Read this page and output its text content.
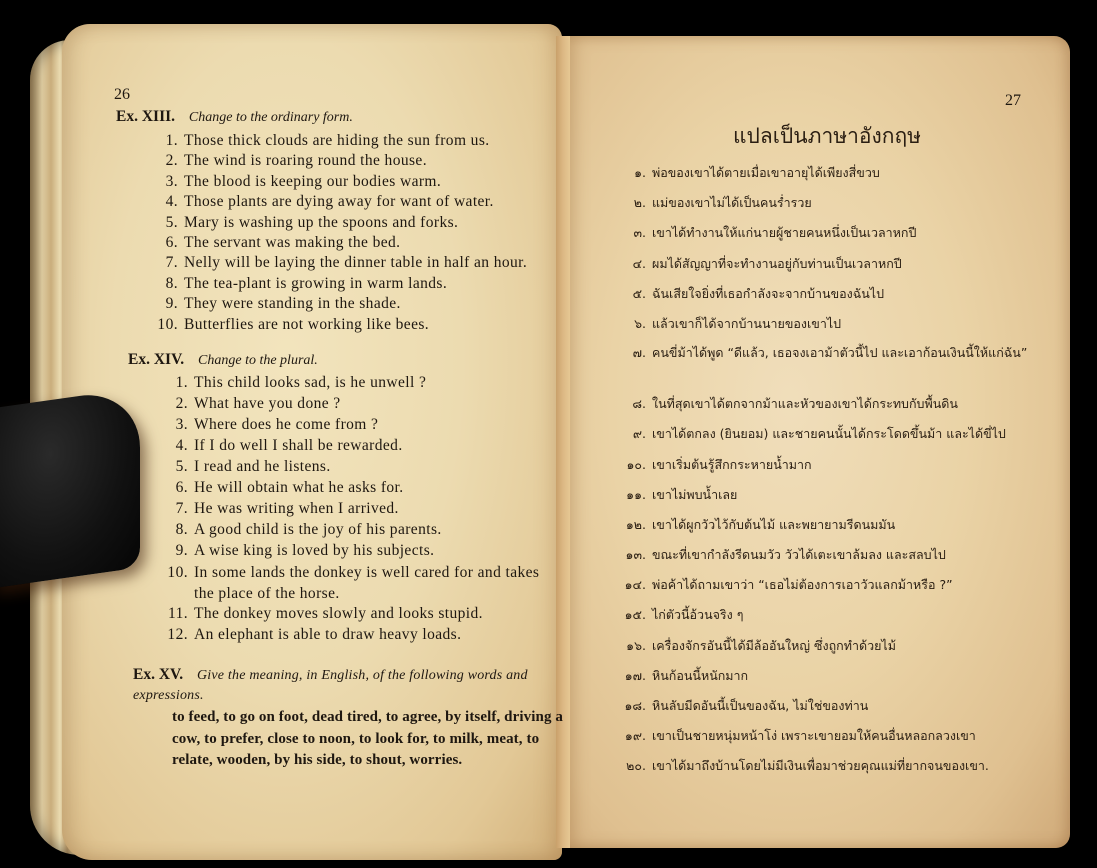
26
Ex. XIII. Change to the ordinary form.
1. Those thick clouds are hiding the sun from us.
2. The wind is roaring round the house.
3. The blood is keeping our bodies warm.
4. Those plants are dying away for want of water.
5. Mary is washing up the spoons and forks.
6. The servant was making the bed.
7. Nelly will be laying the dinner table in half an hour.
8. The tea-plant is growing in warm lands.
9. They were standing in the shade.
10. Butterflies are not working like bees.
Ex. XIV. Change to the plural.
1. This child looks sad, is he unwell ?
2. What have you done ?
3. Where does he come from ?
4. If I do well I shall be rewarded.
5. I read and he listens.
6. He will obtain what he asks for.
7. He was writing when I arrived.
8. A good child is the joy of his parents.
9. A wise king is loved by his subjects.
10. In some lands the donkey is well cared for and takes the place of the horse.
11. The donkey moves slowly and looks stupid.
12. An elephant is able to draw heavy loads.
Ex. XV. Give the meaning, in English, of the following words and expressions.
to feed, to go on foot, dead tired, to agree, by itself, driving a cow, to prefer, close to noon, to look for, to milk, meat, to relate, wooden, by his side, to shout, worries.
27
แปลเป็นภาษาอังกฤษ
๑. พ่อของเขาได้ตายเมื่อเขาอายุได้เพียงสี่ขวบ
๒. แม่ของเขาไม่ได้เป็นคนร่ำรวย
๓. เขาได้ทำงานให้แก่นายผู้ชายคนหนึ่งเป็นเวลาหกปี
๔. ผมได้สัญญาที่จะทำงานอยู่กับท่านเป็นเวลาหกปี
๕. ฉันเสียใจยิ่งที่เธอกำลังจะจากบ้านของฉันไป
๖. แล้วเขาก็ได้จากบ้านนายของเขาไป
๗. คนขี่ม้าได้พูด “ดีแล้ว, เธอจงเอาม้าตัวนี้ไป และเอาก้อนเงินนี้ให้แก่ฉัน”
๘. ในที่สุดเขาได้ตกจากม้าและหัวของเขาได้กระทบกับพื้นดิน
๙. เขาได้ตกลง (ยินยอม) และชายคนนั้นได้กระโดดขึ้นม้า และได้ขี่ไป
๑๐. เขาเริ่มต้นรู้สึกกระหายน้ำมาก
๑๑. เขาไม่พบน้ำเลย
๑๒. เขาได้ผูกวัวไว้กับต้นไม้ และพยายามรีดนมมัน
๑๓. ขณะที่เขากำลังรีดนมวัว วัวได้เตะเขาล้มลง และสลบไป
๑๔. พ่อค้าได้ถามเขาว่า “เธอไม่ต้องการเอาวัวแลกม้าหรือ ?”
๑๕. ไก่ตัวนี้อ้วนจริง ๆ
๑๖. เครื่องจักรอันนี้ได้มีล้ออันใหญ่ ซึ่งถูกทำด้วยไม้
๑๗. หินก้อนนี้หนักมาก
๑๘. หินลับมีดอันนี้เป็นของฉัน, ไม่ใช่ของท่าน
๑๙. เขาเป็นชายหนุ่มหน้าโง่ เพราะเขายอมให้คนอื่นหลอกลวงเขา
๒๐. เขาได้มาถึงบ้านโดยไม่มีเงินเพื่อมาช่วยคุณแม่ที่ยากจนของเขา.
